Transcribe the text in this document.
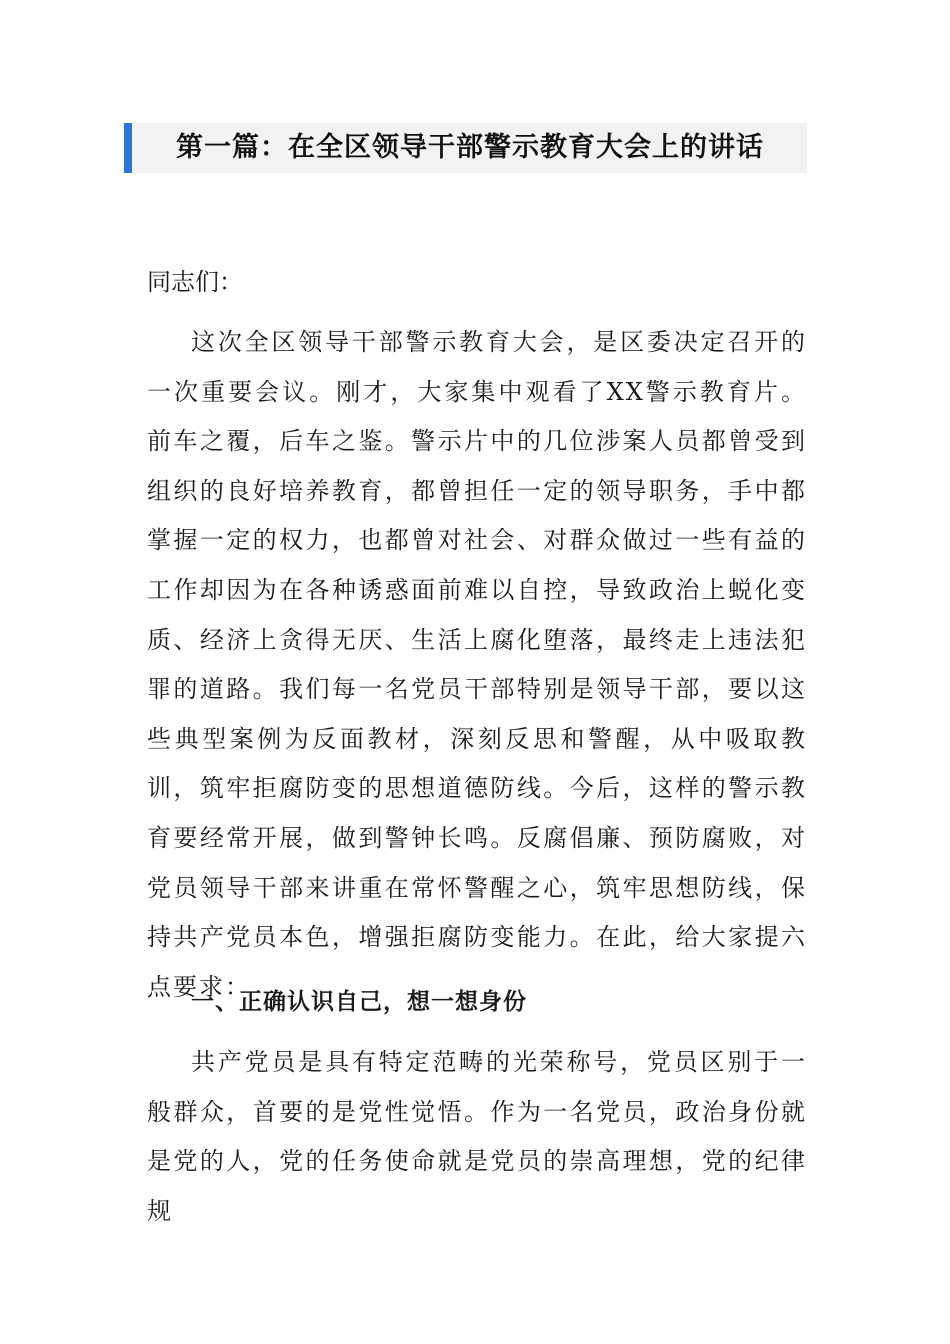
第一篇：在全区领导干部警示教育大会上的讲话
同志们：

这次全区领导干部警示教育大会，是区委决定召开的一次重要会议。刚才，大家集中观看了XX警示教育片。前车之覆，后车之鉴。警示片中的几位涉案人员都曾受到组织的良好培养教育，都曾担任一定的领导职务，手中都掌握一定的权力，也都曾对社会、对群众做过一些有益的工作却因为在各种诱惑面前难以自控，导致政治上蜕化变质、经济上贪得无厌、生活上腐化堕落，最终走上违法犯罪的道路。我们每一名党员干部特别是领导干部，要以这些典型案例为反面教材，深刻反思和警醒，从中吸取教训，筑牢拒腐防变的思想道德防线。今后，这样的警示教育要经常开展，做到警钟长鸣。反腐倡廉、预防腐败，对党员领导干部来讲重在常怀警醒之心，筑牢思想防线，保持共产党员本色，增强拒腐防变能力。在此，给大家提六点要求：

一、正确认识自己，想一想身份

共产党员是具有特定范畴的光荣称号，党员区别于一般群众，首要的是党性觉悟。作为一名党员，政治身份就是党的人，党的任务使命就是党员的崇高理想，党的纪律规
